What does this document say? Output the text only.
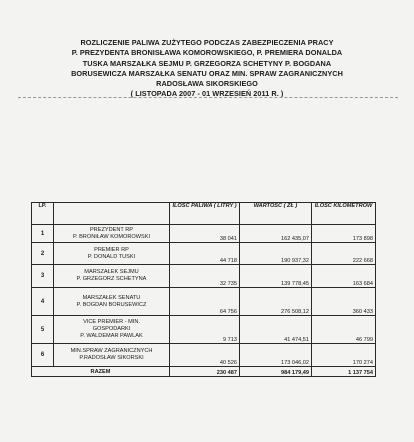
ROZLICZENIE PALIWA ZUŻYTEGO PODCZAS ZABEZPIECZENIA PRACY
P. PREZYDENTA BRONISŁAWA KOMOROWSKIEGO, P. PREMIERA DONALDA
TUSKA MARSZAŁKA SEJMU P. GRZEGORZA SCHETYNY P. BOGDANA
BORUSEWICZA MARSZAŁKA SENATU ORAZ MIN. SPRAW ZAGRANICZNYCH
RADOSŁAWA SIKORSKIEGO
( LISTOPADA 2007 - 01 WRZESIEŃ 2011 R. )
LP.		ILOŚĆ PALIWA ( LITRY )	WARTOŚĆ ( ZŁ )	ILOŚĆ KILOMETRÓW
1	PREZYDENT RP
P. BRONIŁAW KOMOROWSKI	38 041	162 435,07	173 898
2	PREMIER RP
P. DONALD TUSKI	44 718	190 937,32	222 668
3	MARSZAŁEK SEJMU
P. GRZEGORZ SCHETYNA	32 735	139 778,45	163 684
4	MARSZAŁEK SENATU
P. BOGDAN BORUSEWICZ	64 756	276 508,12	360 433
5	VICE PREMIER - MIN.
GOSPODARKI
P. WALDEMAR PAWLAK	9 713	41 474,51	46 799
6	MIN.SPRAW ZAGRANICZNYCH
P.RADOSŁAW SIKORSKI	40 526	173 046,02	170 274
RAZEM		230 487	984 179,49	1 137 754
